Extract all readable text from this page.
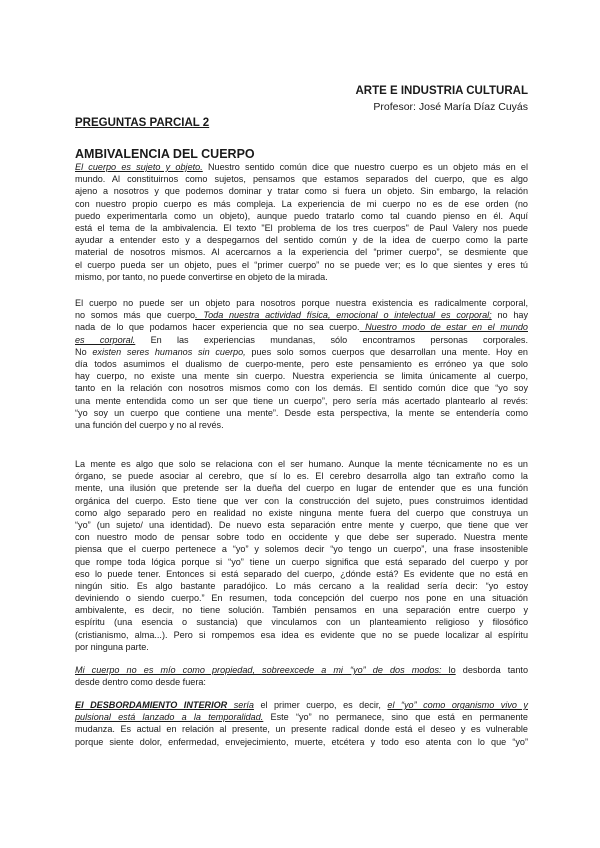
ARTE E INDUSTRIA CULTURAL
Profesor: José María Díaz Cuyás
PREGUNTAS PARCIAL 2
AMBIVALENCIA DEL CUERPO
El cuerpo es sujeto y objeto. Nuestro sentido común dice que nuestro cuerpo es un objeto más en el
mundo. Al constituirnos como sujetos, pensamos que estamos separados del cuerpo, que es algo
ajeno a nosotros y que podemos dominar y tratar como si fuera un objeto. Sin embargo, la relación
con nuestro propio cuerpo es más compleja. La experiencia de mi cuerpo no es de ese orden (no
puedo experimentarla como un objeto), aunque puedo tratarlo como tal cuando pienso en él. Aquí
está el tema de la ambivalencia. El texto "El problema de los tres cuerpos" de Paul Valery nos puede
ayudar a entender esto y a despegarnos del sentido común y de la idea de cuerpo como la parte
material de nosotros mismos. Al acercarnos a la experiencia del “primer cuerpo”, se desmiente que
el cuerpo pueda ser un objeto, pues el “primer cuerpo” no se puede ver; es lo que sientes y eres tú
mismo, por tanto, no puede convertirse en objeto de la mirada.
El cuerpo no puede ser un objeto para nosotros porque nuestra existencia es radicalmente corporal,
no somos más que cuerpo. Toda nuestra actividad física, emocional o intelectual es corporal; no hay
nada de lo que podamos hacer experiencia que no sea cuerpo. Nuestro modo de estar en el mundo
es corporal. En las experiencias mundanas, sólo encontramos personas corporales.
No existen seres humanos sin cuerpo, pues solo somos cuerpos que desarrollan una mente. Hoy en
día todos asumimos el dualismo de cuerpo-mente, pero este pensamiento es erróneo ya que solo
hay cuerpo, no existe una mente sin cuerpo. Nuestra experiencia se limita únicamente al cuerpo,
tanto en la relación con nosotros mismos como con los demás. El sentido común dice que “yo soy
una mente entendida como un ser que tiene un cuerpo”, pero sería más acertado plantearlo al revés:
“yo soy un cuerpo que contiene una mente”. Desde esta perspectiva, la mente se entendería como
una función del cuerpo y no al revés.
La mente es algo que solo se relaciona con el ser humano. Aunque la mente técnicamente no es un
órgano, se puede asociar al cerebro, que sí lo es. El cerebro desarrolla algo tan extraño como la
mente, una ilusión que pretende ser la dueña del cuerpo en lugar de entender que es una función
orgánica del cuerpo. Esto tiene que ver con la construcción del sujeto, pues construimos identidad
como algo separado pero en realidad no existe ninguna mente fuera del cuerpo que construya un
“yo” (un sujeto/ una identidad). De nuevo esta separación entre mente y cuerpo, que tiene que ver
con nuestro modo de pensar sobre todo en occidente y que debe ser superado. Nuestra mente
piensa que el cuerpo pertenece a “yo” y solemos decir “yo tengo un cuerpo”, una frase insostenible
que rompe toda lógica porque si “yo” tiene un cuerpo significa que está separado del cuerpo y por
eso lo puede tener. Entonces si está separado del cuerpo, ¿dónde está? Es evidente que no está en
ningún sitio. Es algo bastante paradójico. Lo más cercano a la realidad sería decir: “yo estoy
deviniendo o siendo cuerpo.” En resumen, toda concepción del cuerpo nos pone en una situación
ambivalente, es decir, no tiene solución. También pensamos en una separación entre cuerpo y
espíritu (una esencia o sustancia) que vinculamos con un planteamiento religioso y filosófico
(cristianismo, alma...). Pero si rompemos esa idea es evidente que no se puede localizar al espíritu
por ninguna parte.
Mi cuerpo no es mío como propiedad, sobreexcede a mi “yo” de dos modos: lo desborda tanto
desde dentro como desde fuera:
El DESBORDAMIENTO INTERIOR sería el primer cuerpo, es decir, el “yo” como organismo vivo y
pulsional está lanzado a la temporalidad. Este “yo” no permanece, sino que está en permanente
mudanza. Es actual en relación al presente, un presente radical donde está el deseo y es vulnerable
porque siente dolor, enfermedad, envejecimiento, muerte, etcétera y todo eso atenta con lo que “yo”
